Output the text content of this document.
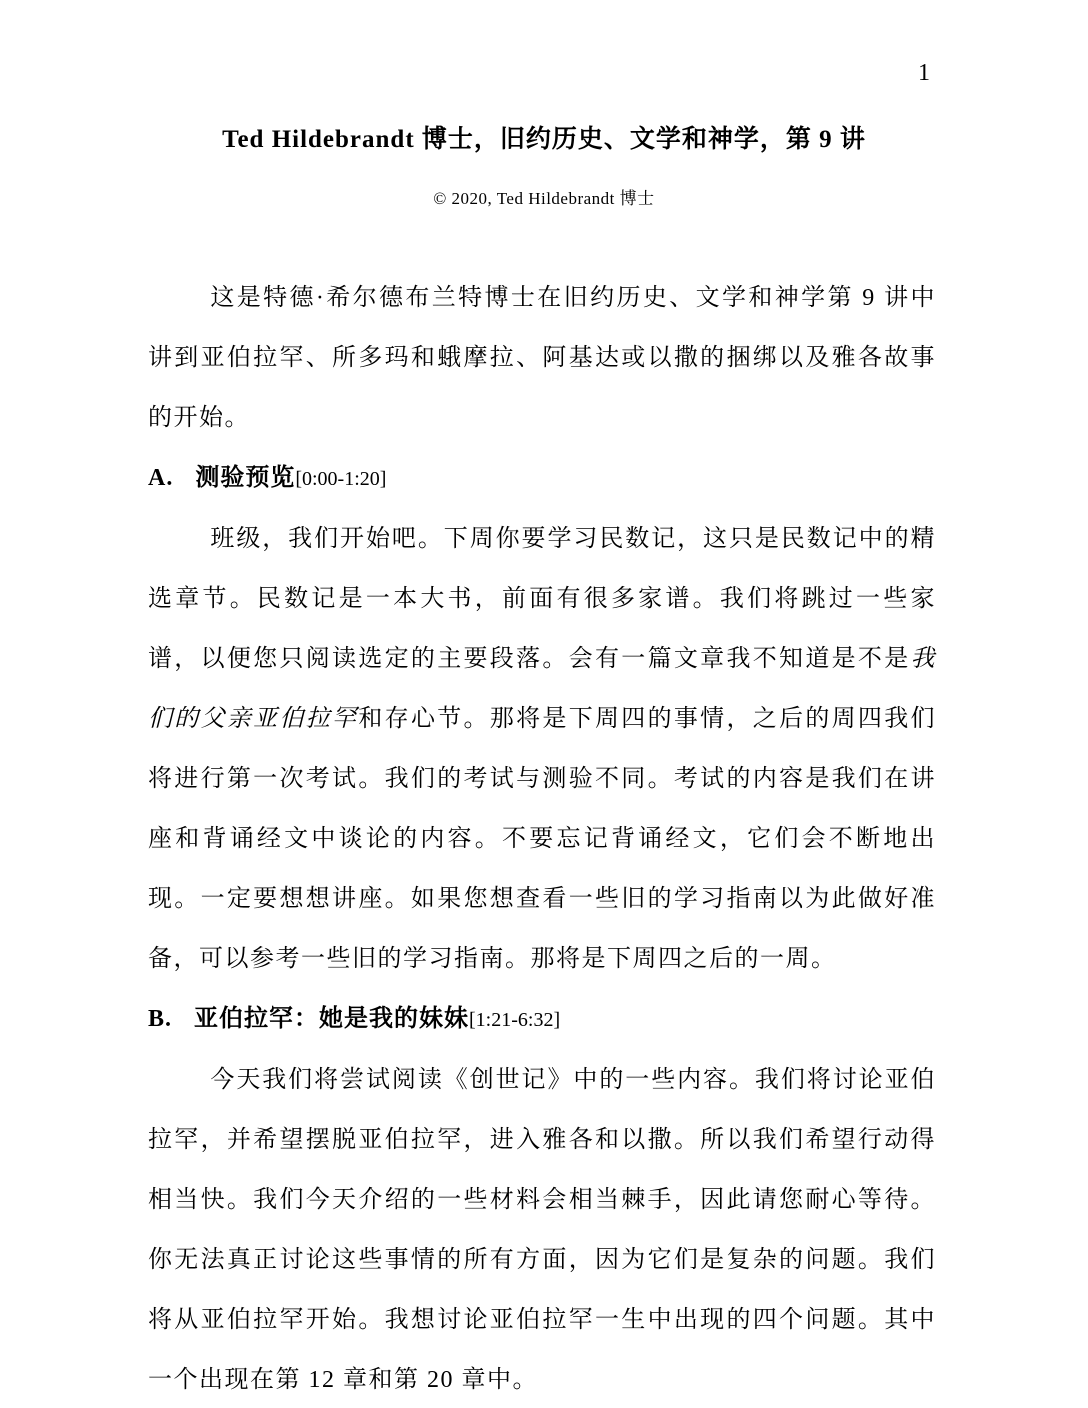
1
Ted Hildebrandt 博士，旧约历史、文学和神学，第 9 讲
© 2020, Ted Hildebrandt 博士

这是特德·希尔德布兰特博士在旧约历史、文学和神学第 9 讲中讲到亚伯拉罕、所多玛和蛾摩拉、阿基达或以撒的捆绑以及雅各故事的开始。

A. 测验预览[0:00-1:20]

班级，我们开始吧。下周你要学习民数记，这只是民数记中的精选章节。民数记是一本大书，前面有很多家谱。我们将跳过一些家谱，以便您只阅读选定的主要段落。会有一篇文章我不知道是不是我们的父亲亚伯拉罕和存心节。那将是下周四的事情，之后的周四我们将进行第一次考试。我们的考试与测验不同。考试的内容是我们在讲座和背诵经文中谈论的内容。不要忘记背诵经文，它们会不断地出现。一定要想想讲座。如果您想查看一些旧的学习指南以为此做好准备，可以参考一些旧的学习指南。那将是下周四之后的一周。

B. 亚伯拉罕：她是我的妹妹[1:21-6:32]

今天我们将尝试阅读《创世记》中的一些内容。我们将讨论亚伯拉罕，并希望摆脱亚伯拉罕，进入雅各和以撒。所以我们希望行动得相当快。我们今天介绍的一些材料会相当棘手，因此请您耐心等待。你无法真正讨论这些事情的所有方面，因为它们是复杂的问题。我们将从亚伯拉罕开始。我想讨论亚伯拉罕一生中出现的四个问题。其中一个出现在第 12 章和第 20 章中。
